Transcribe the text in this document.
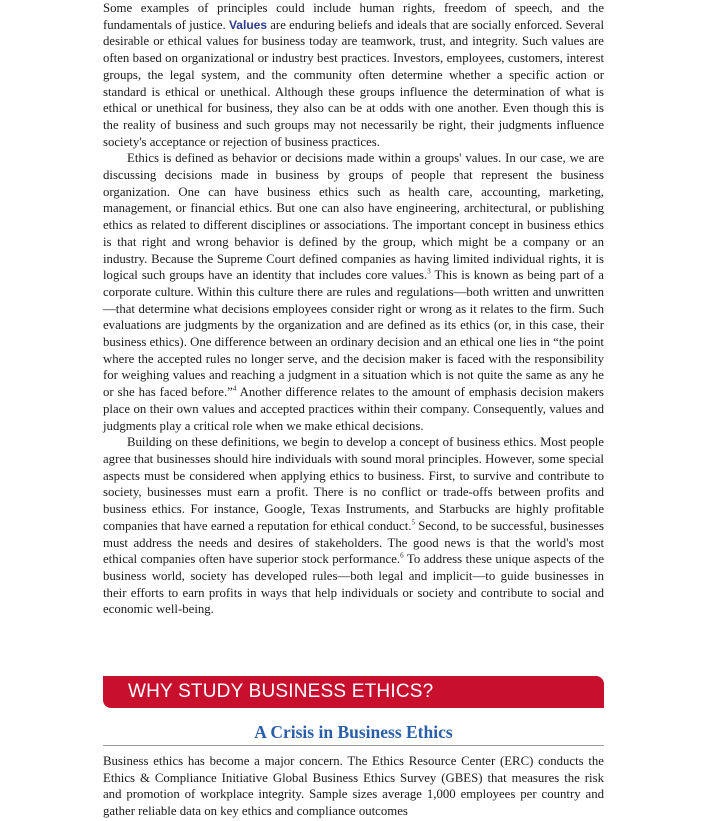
Some examples of principles could include human rights, freedom of speech, and the fundamentals of justice. Values are enduring beliefs and ideals that are socially enforced. Several desirable or ethical values for business today are teamwork, trust, and integrity. Such values are often based on organizational or industry best practices. Investors, employees, customers, interest groups, the legal system, and the community often determine whether a specific action or standard is ethical or unethical. Although these groups influence the determination of what is ethical or unethical for business, they also can be at odds with one another. Even though this is the reality of business and such groups may not necessarily be right, their judgments influence society's acceptance or rejection of business practices.

Ethics is defined as behavior or decisions made within a groups' values. In our case, we are discussing decisions made in business by groups of people that represent the business organization. One can have business ethics such as health care, accounting, marketing, management, or financial ethics. But one can also have engineering, architectural, or publishing ethics as related to different disciplines or associations. The important concept in business ethics is that right and wrong behavior is defined by the group, which might be a company or an industry. Because the Supreme Court defined companies as having limited individual rights, it is logical such groups have an identity that includes core values.$^3$ This is known as being part of a corporate culture. Within this culture there are rules and regulations—both written and unwritten—that determine what decisions employees consider right or wrong as it relates to the firm. Such evaluations are judgments by the organization and are defined as its ethics (or, in this case, their business ethics). One difference between an ordinary decision and an ethical one lies in “the point where the accepted rules no longer serve, and the decision maker is faced with the responsibility for weighing values and reaching a judgment in a situation which is not quite the same as any he or she has faced before.”$^4$ Another difference relates to the amount of emphasis decision makers place on their own values and accepted practices within their company. Consequently, values and judgments play a critical role when we make ethical decisions.

Building on these definitions, we begin to develop a concept of business ethics. Most people agree that businesses should hire individuals with sound moral principles. However, some special aspects must be considered when applying ethics to business. First, to survive and contribute to society, businesses must earn a profit. There is no conflict or trade-offs between profits and business ethics. For instance, Google, Texas Instruments, and Starbucks are highly profitable companies that have earned a reputation for ethical conduct.$^5$ Second, to be successful, businesses must address the needs and desires of stakeholders. The good news is that the world's most ethical companies often have superior stock performance.$^6$ To address these unique aspects of the business world, society has developed rules—both legal and implicit—to guide businesses in their efforts to earn profits in ways that help individuals or society and contribute to social and economic well-being.

WHY STUDY BUSINESS ETHICS?
A Crisis in Business Ethics

Business ethics has become a major concern. The Ethics Resource Center (ERC) conducts the Ethics & Compliance Initiative Global Business Ethics Survey (GBES) that measures the risk and promotion of workplace integrity. Sample sizes average 1,000 employees per country and gather reliable data on key ethics and compliance outcomes
